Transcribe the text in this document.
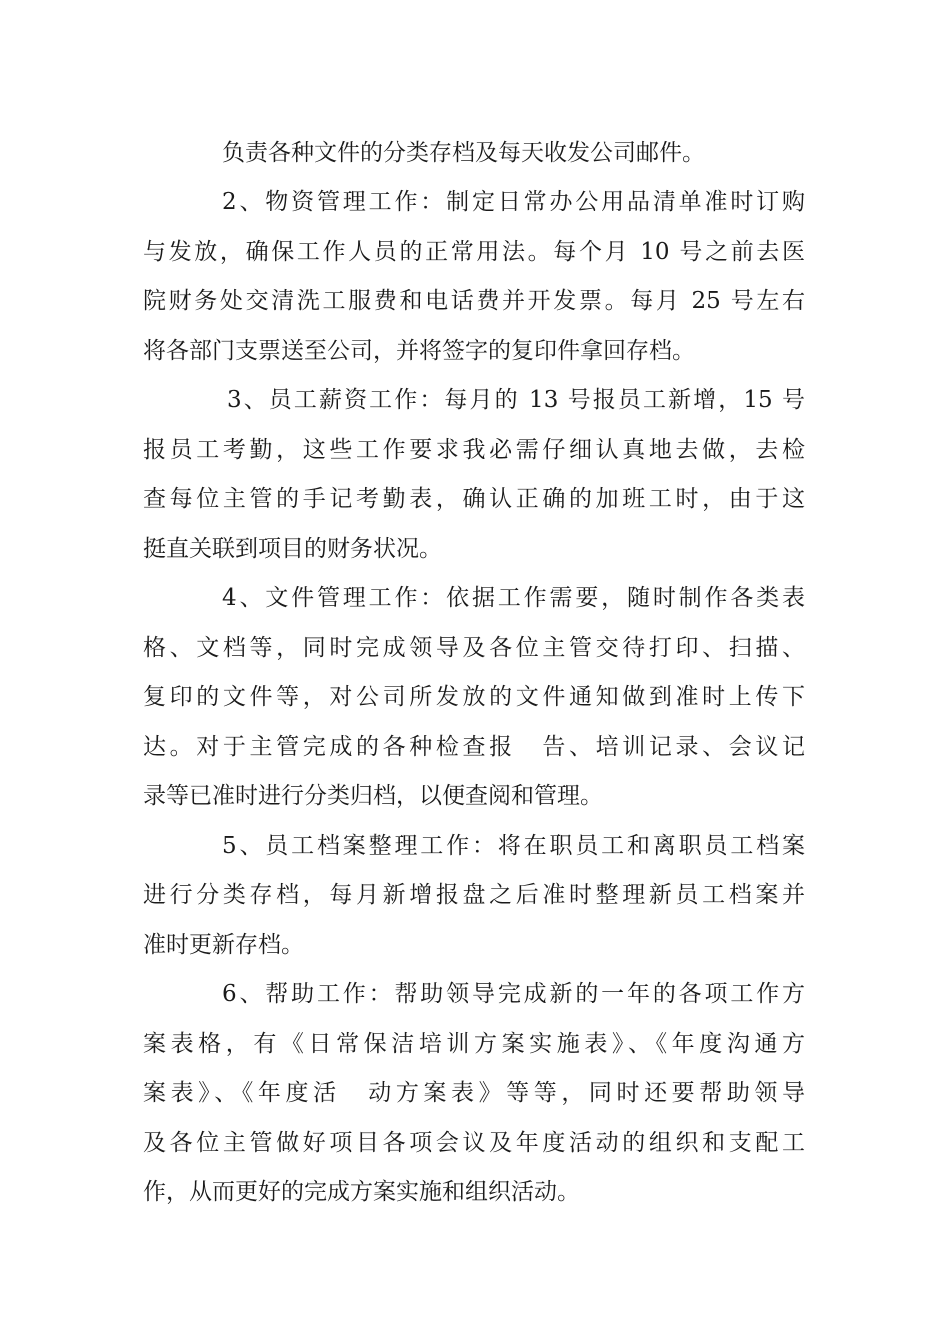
负责各种文件的分类存档及每天收发公司邮件。
2、物资管理工作：制定日常办公用品清单准时订购
与发放，确保工作人员的正常用法。每个月 10 号之前去医
院财务处交清洗工服费和电话费并开发票。每月 25 号左右
将各部门支票送至公司，并将签字的复印件拿回存档。
3、员工薪资工作：每月的 13 号报员工新增，15 号
报员工考勤，这些工作要求我必需仔细认真地去做，去检
查每位主管的手记考勤表，确认正确的加班工时，由于这
挺直关联到项目的财务状况。
4、文件管理工作：依据工作需要，随时制作各类表
格、文档等，同时完成领导及各位主管交待打印、扫描、
复印的文件等，对公司所发放的文件通知做到准时上传下
达。对于主管完成的各种检查报　告、培训记录、会议记
录等已准时进行分类归档，以便查阅和管理。
5、员工档案整理工作：将在职员工和离职员工档案
进行分类存档，每月新增报盘之后准时整理新员工档案并
准时更新存档。
6、帮助工作：帮助领导完成新的一年的各项工作方
案表格，有《日常保洁培训方案实施表》、《年度沟通方
案表》、《年度活　动方案表》等等，同时还要帮助领导
及各位主管做好项目各项会议及年度活动的组织和支配工
作，从而更好的完成方案实施和组织活动。
